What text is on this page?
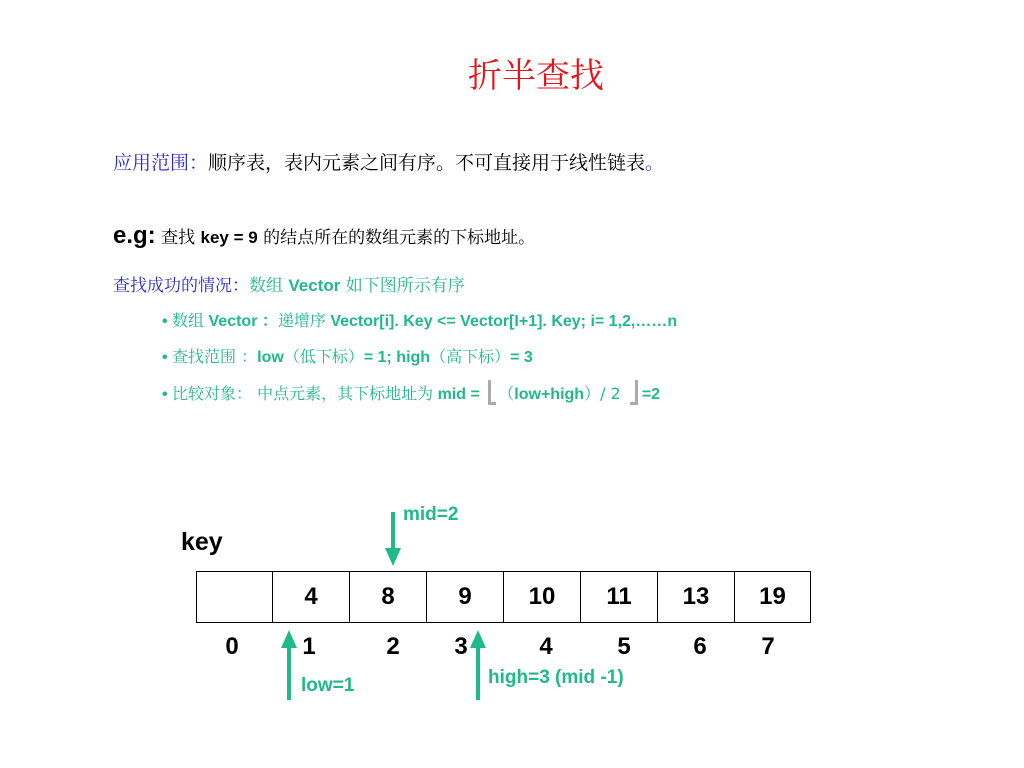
折半查找
应用范围：顺序表，表内元素之间有序。不可直接用于线性链表。
e.g: 查找 key = 9 的结点所在的数组元素的下标地址。
查找成功的情况：数组 Vector 如下图所示有序
• 数组 Vector ：递增序 Vector[i]. Key <= Vector[I+1]. Key; i= 1,2,……n
• 查找范围 ：low（低下标）= 1; high（高下标）= 3
• 比较对象： 中点元素，其下标地址为 mid = （low+high）/ 2 =2
key
	4	8	9	10	11	13	19
0	1	2	3	4	5	6	7
mid=2
low=1	high=3 (mid -1)
